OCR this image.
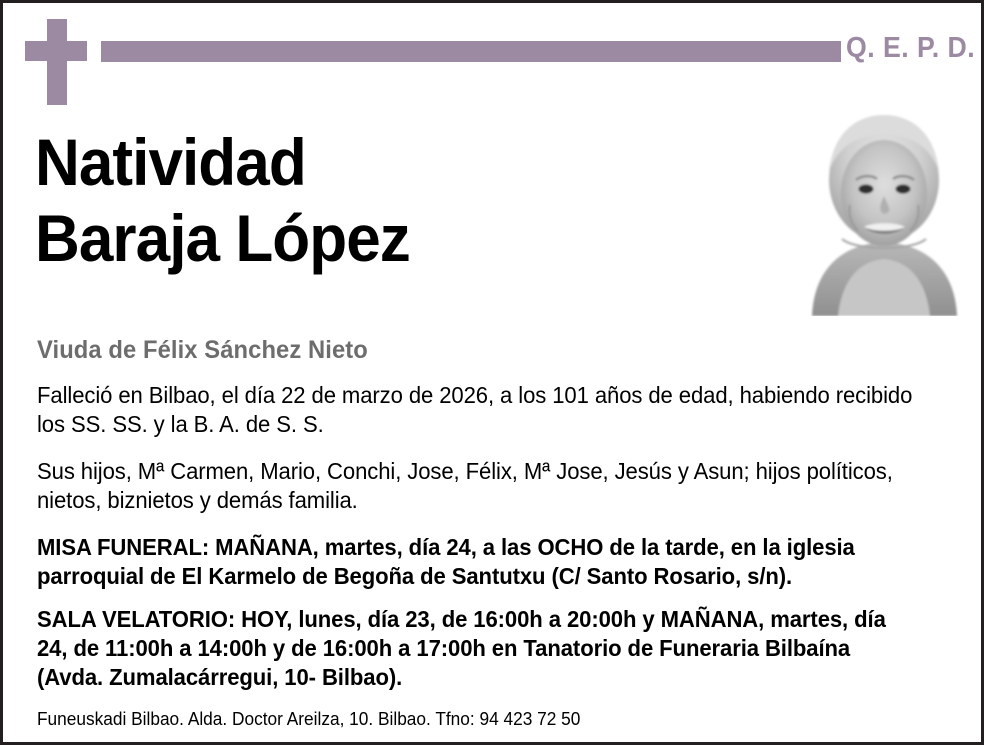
Q. E. P. D.
Natividad
Baraja López
Viuda de Félix Sánchez Nieto

Falleció en Bilbao, el día 22 de marzo de 2026, a los 101 años de edad, habiendo recibido los SS. SS. y la B. A. de S. S.

Sus hijos, Mª Carmen, Mario, Conchi, Jose, Félix, Mª Jose, Jesús y Asun; hijos políticos, nietos, biznietos y demás familia.

MISA FUNERAL: MAÑANA, martes, día 24, a las OCHO de la tarde, en la iglesia parroquial de El Karmelo de Begoña de Santutxu (C/ Santo Rosario, s/n).

SALA VELATORIO: HOY, lunes, día 23, de 16:00h a 20:00h y MAÑANA, martes, día 24, de 11:00h a 14:00h y de 16:00h a 17:00h en Tanatorio de Funeraria Bilbaína (Avda. Zumalacárregui, 10- Bilbao).

Funeuskadi Bilbao. Alda. Doctor Areilza, 10. Bilbao. Tfno: 94 423 72 50
